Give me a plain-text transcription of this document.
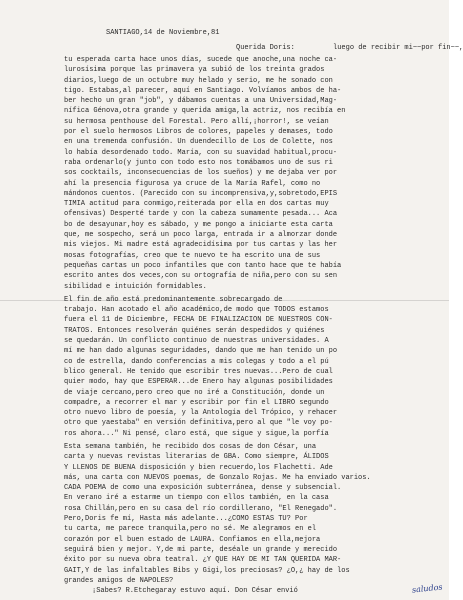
SANTIAGO,14 de Noviembre,81
Querida Doris:	luego de recibir mi~~por fin~~,
tu esperada carta hace unos días, sucede que anoche,una noche ca-
lurosísima porque las primavera ya subió de los treinta grados
diarios,luego de un octubre muy helado y serio, me he sonado con
tigo. Estabas,al parecer, aquí en Santiago. Volvíamos ambos de ha-
ber hecho un gran "job", y dábamos cuentas a una Universidad,Mag-
nífica Génova,otra grande y querida amiga,la actriz, nos recibía en
su hermosa penthouse del Forestal. Pero allí,¡horror!, se veían
por el suelo hermosos Libros de colores, papeles y demases, todo
en una tremenda confusión. Un duendecillo de Los de Colette, nos
lo había desordenado todo. María, con su suavidad habitual,procu-
raba ordenarlo(y junto con todo esto nos tomábamos uno de sus ri
sos cocktails, inconsecuencias de los sueños) y me dejaba ver por
ahí la presencia figurosa ya cruce de la María Rafel, como no
mándonos cuentos. (Parecido con su incomprensiva,y,sobretodo,EPIS
TIMIA actitud para conmigo,reiterada por ella en dos cartas muy
ofensivas) Desperté tarde y con la cabeza sumamente pesada... Aca
bo de desayunar,hoy es sábado, y me pongo a iniciarte esta carta
que, me sospecho, será un poco larga, entrada ir a almorzar donde
mis viejos. Mi madre está agradecidísima por tus cartas y las her
mosas fotografías, creo que te nuevo te ha escrito una de sus
pequeñas cartas un poco infantiles que con tanto hace que te había
escrito antes dos veces,con su ortografía de niña,pero con su sen
sibilidad e intuición formidables.
El fin de año está predominantemente sobrecargado de
trabajo. Han acotado el año académico,de modo que TODOS estamos
fuera el 11 de Diciembre, FECHA DE FINALIZACION DE NUESTROS CON-
TRATOS. Entonces resolverán quiénes serán despedidos y quiénes
se quedarán. Un conflicto continuo de nuestras universidades. A
mí me han dado algunas seguridades, dando que me han tenido un po
co de estrella, dando conferencias a mis colegas y todo a el pú
blico general. He tenido que escribir tres nuevas...Pero de cual
quier modo, hay que ESPERAR...de Enero hay algunas posibilidades
de viaje cercano,pero creo que no iré a Constitución, donde un
compadre, a recorrer el mar y escribir por fin el LIBRO segundo
otro nuevo libro de poesía, y la Antología del Trópico, y rehacer
otro que yaestaba" en versión definitiva,pero al que "le voy po-
ros ahora..." Ni pensé, claro está, que sigue y sigue,la porfía
Esta semana también, he recibido dos cosas de don César, una
carta y nuevas revistas literarias de GBA. Como siempre, ÁLIDOS
Y LLENOS DE BUENA disposición y bien recuerdo,los Flachetti. Ade
más, una carta con NUEVOS poemas, de Gonzalo Rojas. Me ha enviado varios.
CADA POEMA de como una exposición subterránea, dense y subsencial.
En verano iré a estarme un tiempo con ellos también, en la casa
rosa Chillán,pero en su casa del río cordillerano, "El Renegado".
Pero,Doris fe mí, Hasta más adelante...¿COMO ESTAS TU? Por
tu carta, me parece tranquila,pero no sé. Me alegramos en el
corazón por el buen estado de LAURA. Confiamos en ella,mejora
seguirá bien y mejor. Y,de mi parte, deséale un grande y merecido
éxito por su nueva obra teatral. ¿Y QUE HAY DE MI TAN QUERIDA MAR-
GAIT,Y de las infaltables Bibs y Gigi,los preciosas? ¿O,¿ hay de los
grandes amigos de NAPOLES?
¡Sabes? R.Etchegaray estuvo aquí. Don César envió	saludos
